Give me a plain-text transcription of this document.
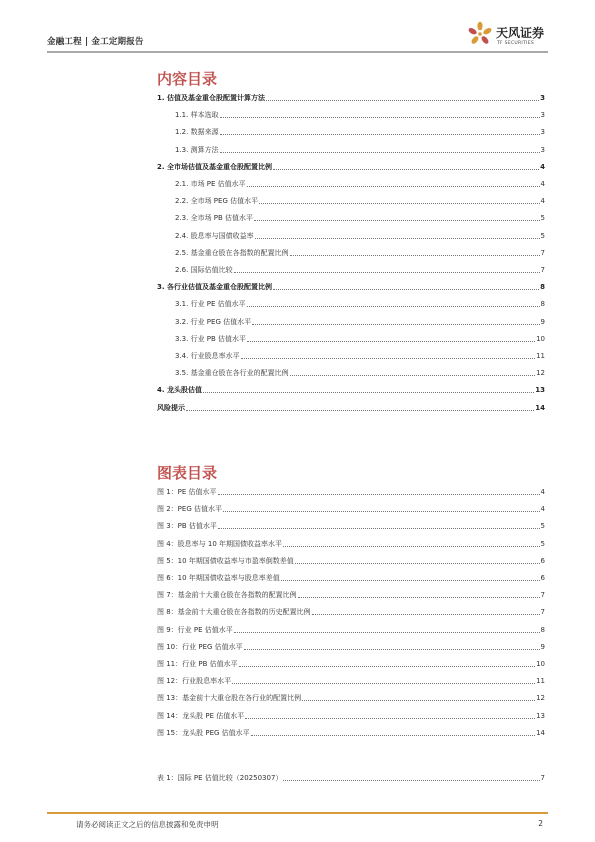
金融工程 | 金工定期报告
天风证券
TF SECURITIES
内容目录
1. 估值及基金重仓股配置计算方法	3
1.1. 样本选取	3
1.2. 数据来源	3
1.3. 测算方法	3
2. 全市场估值及基金重仓股配置比例	4
2.1. 市场 PE 估值水平	4
2.2. 全市场 PEG 估值水平	4
2.3. 全市场 PB 估值水平	5
2.4. 股息率与国债收益率	5
2.5. 基金重仓股在各指数的配置比例	7
2.6. 国际估值比较	7
3. 各行业估值及基金重仓股配置比例	8
3.1. 行业 PE 估值水平	8
3.2. 行业 PEG 估值水平	9
3.3. 行业 PB 估值水平	10
3.4. 行业股息率水平	11
3.5. 基金重仓股在各行业的配置比例	12
4. 龙头股估值	13
风险提示	14
图表目录
图 1：PE 估值水平	4
图 2：PEG 估值水平	4
图 3：PB 估值水平	5
图 4：股息率与 10 年期国债收益率水平	5
图 5：10 年期国债收益率与市盈率倒数差值	6
图 6：10 年期国债收益率与股息率差值	6
图 7：基金前十大重仓股在各指数的配置比例	7
图 8：基金前十大重仓股在各指数的历史配置比例	7
图 9：行业 PE 估值水平	8
图 10：行业 PEG 估值水平	9
图 11：行业 PB 估值水平	10
图 12：行业股息率水平	11
图 13：基金前十大重仓股在各行业的配置比例	12
图 14：龙头股 PE 估值水平	13
图 15：龙头股 PEG 估值水平	14
表 1：国际 PE 估值比较（20250307）	7
请务必阅读正文之后的信息披露和免责申明	2
